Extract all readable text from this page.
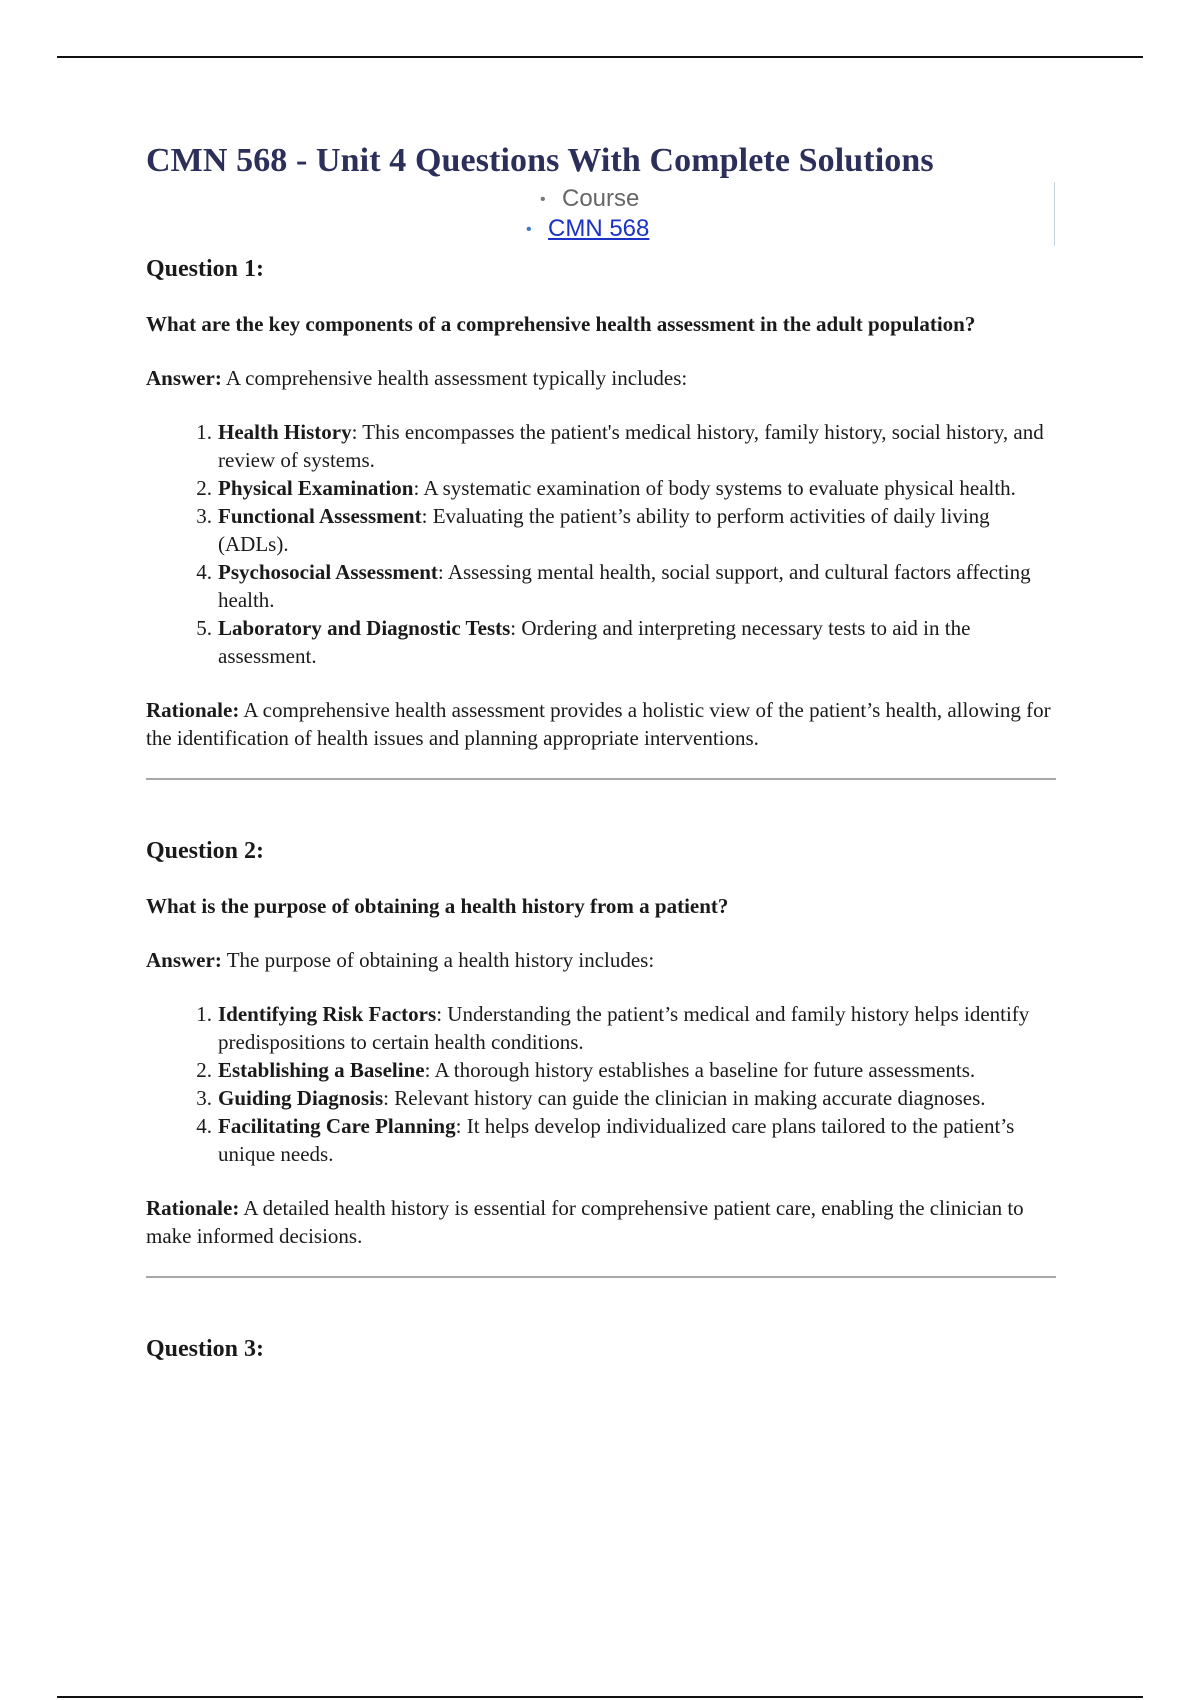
CMN 568 - Unit 4 Questions With Complete Solutions
• Course
• CMN 568
Question 1:

What are the key components of a comprehensive health assessment in the adult population?

Answer: A comprehensive health assessment typically includes:

1. Health History: This encompasses the patient's medical history, family history, social history, and review of systems.
2. Physical Examination: A systematic examination of body systems to evaluate physical health.
3. Functional Assessment: Evaluating the patient’s ability to perform activities of daily living (ADLs).
4. Psychosocial Assessment: Assessing mental health, social support, and cultural factors affecting health.
5. Laboratory and Diagnostic Tests: Ordering and interpreting necessary tests to aid in the assessment.

Rationale: A comprehensive health assessment provides a holistic view of the patient’s health, allowing for the identification of health issues and planning appropriate interventions.

Question 2:

What is the purpose of obtaining a health history from a patient?

Answer: The purpose of obtaining a health history includes:

1. Identifying Risk Factors: Understanding the patient’s medical and family history helps identify predispositions to certain health conditions.
2. Establishing a Baseline: A thorough history establishes a baseline for future assessments.
3. Guiding Diagnosis: Relevant history can guide the clinician in making accurate diagnoses.
4. Facilitating Care Planning: It helps develop individualized care plans tailored to the patient’s unique needs.

Rationale: A detailed health history is essential for comprehensive patient care, enabling the clinician to make informed decisions.

Question 3:
